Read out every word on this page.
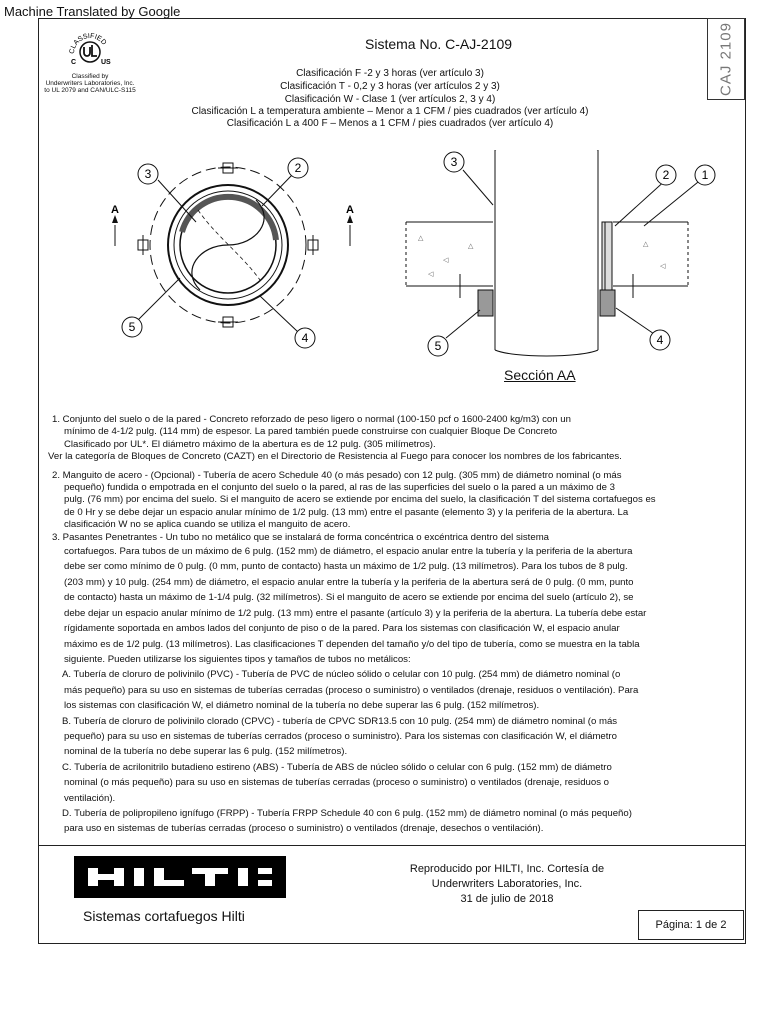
Machine Translated by Google
CAJ 2109
CLASSIFIED
C	US
Classified by
Underwriters Laboratories, Inc.
to UL 2079 and CAN/ULC-S115
Sistema No. C-AJ-2109
Clasificación F -2 y 3 horas (ver artículo 3)
Clasificación T - 0,2 y 3 horas (ver artículos 2 y 3)
Clasificación W - Clase 1 (ver artículos 2, 3 y 4)
Clasificación L a temperatura ambiente – Menor a 1 CFM / pies cuadrados (ver artículo 4)
Clasificación L a 400 F – Menos a 1 CFM / pies cuadrados (ver artículo 4)
A	A
3	2
5
4
△
◁
△
◁
△
◁
3
2	1
5	4
Sección AA

1. Conjunto del suelo o de la pared - Concreto reforzado de peso ligero o normal (100-150 pcf o 1600-2400 kg/m3) con un

mínimo de 4-1/2 pulg. (114 mm) de espesor. La pared también puede construirse con cualquier Bloque De Concreto

Clasificado por UL*. El diámetro máximo de la abertura es de 12 pulg. (305 milímetros).

Ver la categoría de Bloques de Concreto (CAZT) en el Directorio de Resistencia al Fuego para conocer los nombres de los fabricantes.

2. Manguito de acero - (Opcional) - Tubería de acero Schedule 40 (o más pesado) con 12 pulg. (305 mm) de diámetro nominal (o más

pequeño) fundida o empotrada en el conjunto del suelo o la pared, al ras de las superficies del suelo o la pared a un máximo de 3

pulg. (76 mm) por encima del suelo. Si el manguito de acero se extiende por encima del suelo, la clasificación T del sistema cortafuegos es

de 0 Hr y se debe dejar un espacio anular mínimo de 1/2 pulg. (13 mm) entre el pasante (elemento 3) y la periferia de la abertura. La

clasificación W no se aplica cuando se utiliza el manguito de acero.

3. Pasantes Penetrantes - Un tubo no metálico que se instalará de forma concéntrica o excéntrica dentro del sistema

cortafuegos. Para tubos de un máximo de 6 pulg. (152 mm) de diámetro, el espacio anular entre la tubería y la periferia de la abertura

debe ser como mínimo de 0 pulg. (0 mm, punto de contacto) hasta un máximo de 1/2 pulg. (13 milímetros). Para los tubos de 8 pulg.

(203 mm) y 10 pulg. (254 mm) de diámetro, el espacio anular entre la tubería y la periferia de la abertura será de 0 pulg. (0 mm, punto

de contacto) hasta un máximo de 1-1/4 pulg. (32 milímetros). Si el manguito de acero se extiende por encima del suelo (artículo 2), se

debe dejar un espacio anular mínimo de 1/2 pulg. (13 mm) entre el pasante (artículo 3) y la periferia de la abertura. La tubería debe estar

rígidamente soportada en ambos lados del conjunto de piso o de la pared. Para los sistemas con clasificación W, el espacio anular

máximo es de 1/2 pulg. (13 milímetros). Las clasificaciones T dependen del tamaño y/o del tipo de tubería, como se muestra en la tabla

siguiente. Pueden utilizarse los siguientes tipos y tamaños de tubos no metálicos:

A. Tubería de cloruro de polivinilo (PVC) - Tubería de PVC de núcleo sólido o celular con 10 pulg. (254 mm) de diámetro nominal (o

más pequeño) para su uso en sistemas de tuberías cerradas (proceso o suministro) o ventilados (drenaje, residuos o ventilación). Para

los sistemas con clasificación W, el diámetro nominal de la tubería no debe superar las 6 pulg. (152 milímetros).

B. Tubería de cloruro de polivinilo clorado (CPVC) - tubería de CPVC SDR13.5 con 10 pulg. (254 mm) de diámetro nominal (o más

pequeño) para su uso en sistemas de tuberías cerrados (proceso o suministro). Para los sistemas con clasificación W, el diámetro

nominal de la tubería no debe superar las 6 pulg. (152 milímetros).

C. Tubería de acrilonitrilo butadieno estireno (ABS) - Tubería de ABS de núcleo sólido o celular con 6 pulg. (152 mm) de diámetro

nominal (o más pequeño) para su uso en sistemas de tuberías cerradas (proceso o suministro) o ventilados (drenaje, residuos o

ventilación).

D. Tubería de polipropileno ignífugo (FRPP) - Tubería FRPP Schedule 40 con 6 pulg. (152 mm) de diámetro nominal (o más pequeño)

para uso en sistemas de tuberías cerradas (proceso o suministro) o ventilados (drenaje, desechos o ventilación).

Sistemas cortafuegos Hilti
Reproducido por HILTI, Inc. Cortesía de
Underwriters Laboratories, Inc.
31 de julio de 2018
Página: 1 de 2
